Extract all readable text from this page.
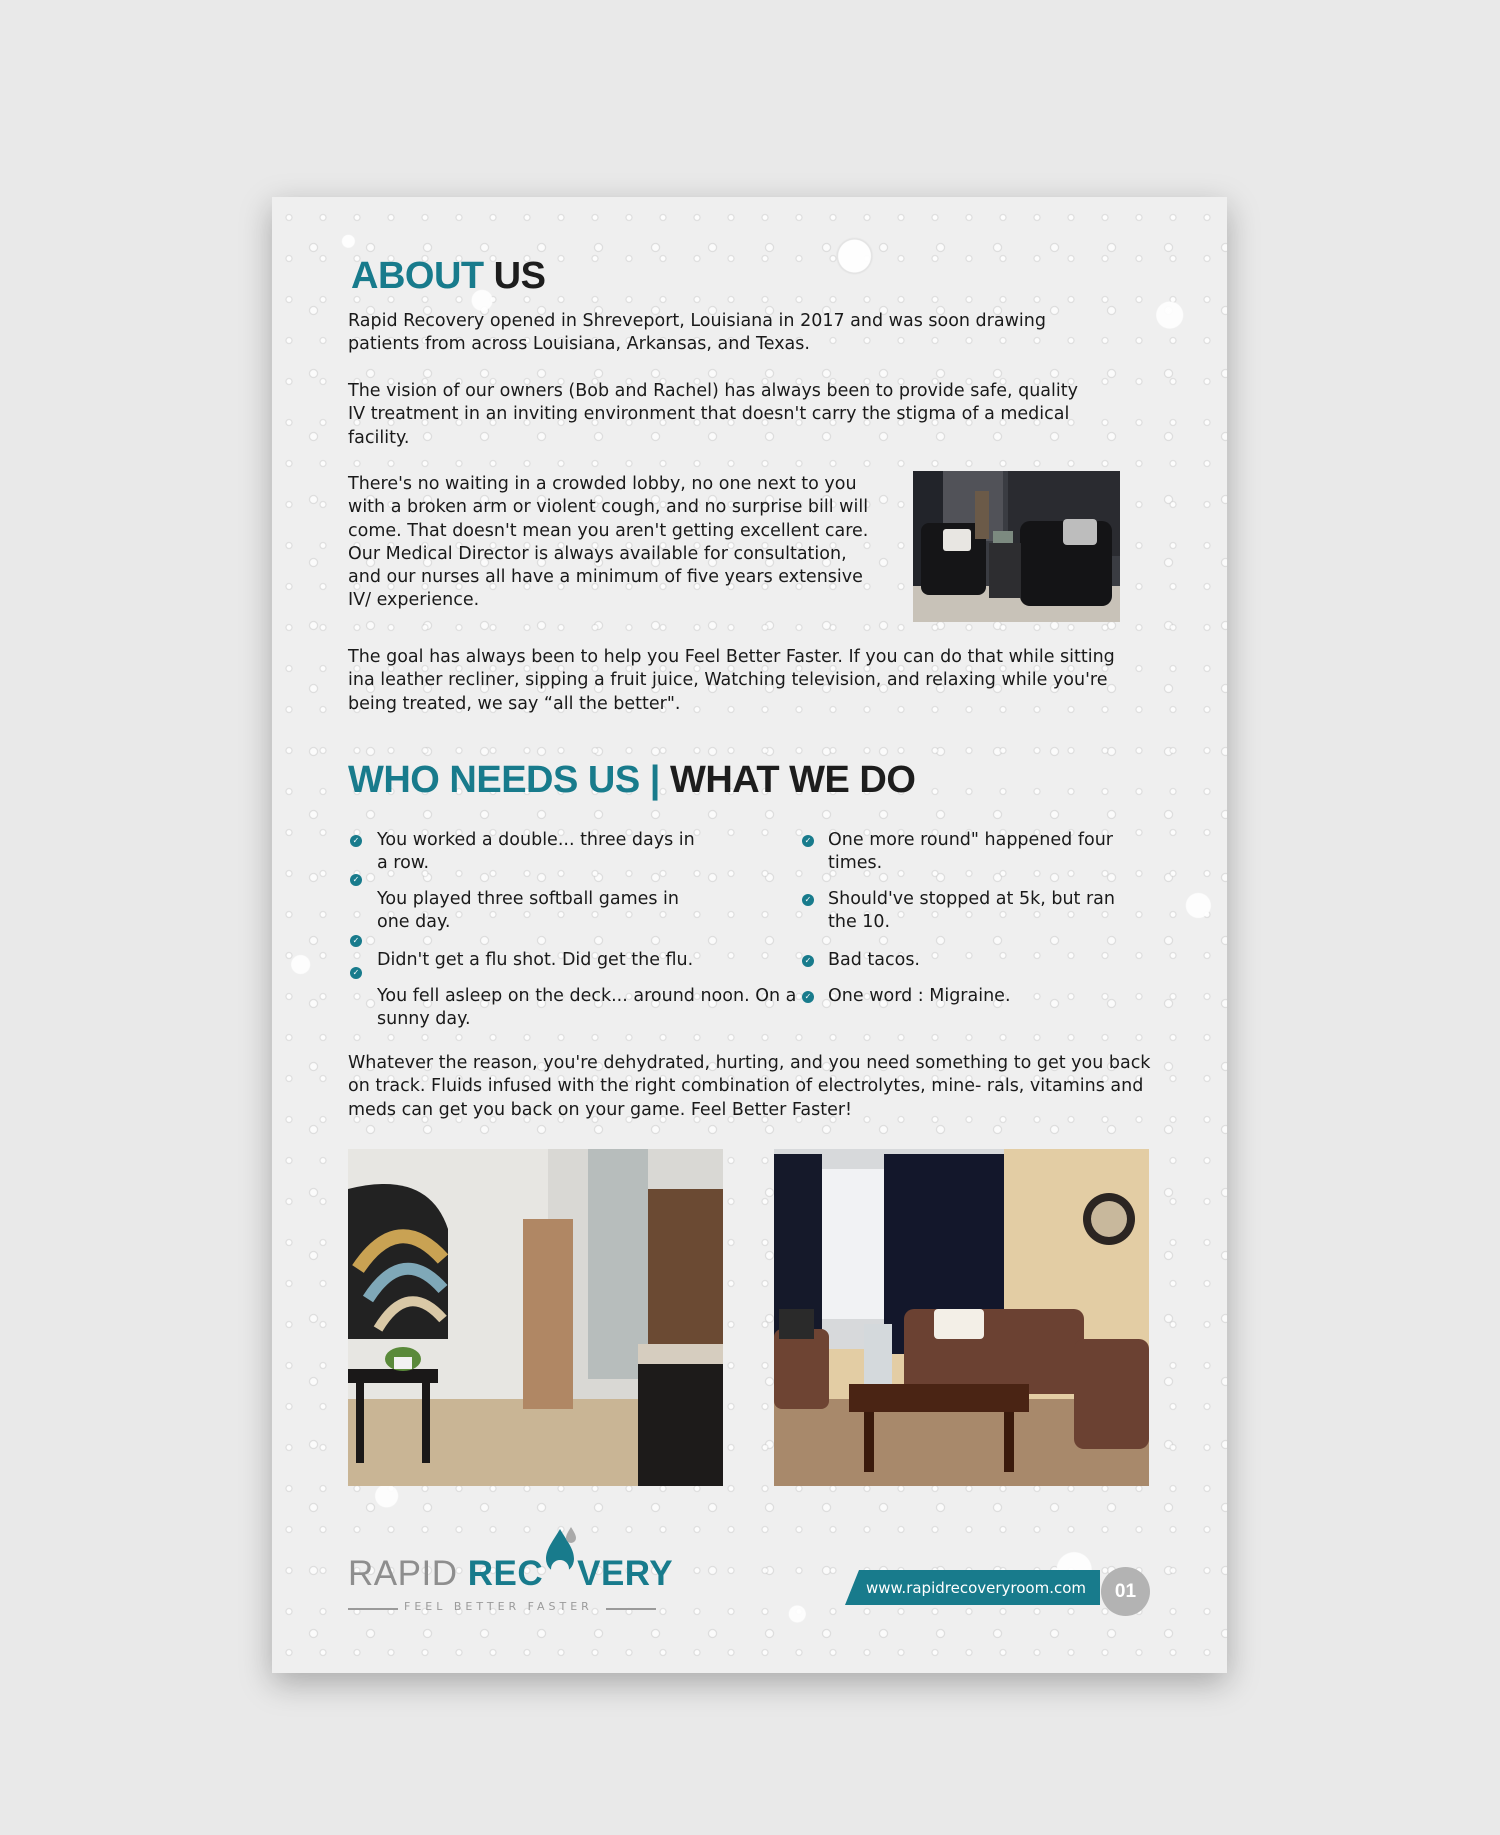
ABOUT US

Rapid Recovery opened in Shreveport, Louisiana in 2017 and was soon drawing patients from across Louisiana, Arkansas, and Texas.

The vision of our owners (Bob and Rachel) has always been to provide safe, quality IV treatment in an inviting environment that doesn't carry the stigma of a medical facility.

There's no waiting in a crowded lobby, no one next to you with a broken arm or violent cough, and no surprise bill will come. That doesn't mean you aren't getting excellent care. Our Medical Director is always available for consultation, and our nurses all have a minimum of five years extensive IV/ experience.

The goal has always been to help you Feel Better Faster. If you can do that while sitting ina leather recliner, sipping a fruit juice, Watching television, and relaxing while you're being treated, we say “all the better".

WHO NEEDS US | WHAT WE DO
✓
✓
✓
✓

You worked a double... three days in a row.

You played three softball games in one day.

Didn't get a flu shot. Did get the flu.

You fell asleep on the deck... around noon. On a sunny day.

✓
✓
✓
✓

One more round" happened four times.

Should've stopped at 5k, but ran the 10.

Bad tacos.

One word : Migraine.

Whatever the reason, you're dehydrated, hurting, and you need something to get you back on track. Fluids infused with the right combination of electrolytes, mine- rals, vitamins and meds can get you back on your game. Feel Better Faster!

RAPID REC VERY
FEEL BETTER FASTER
www.rapidrecoveryroom.com	01
